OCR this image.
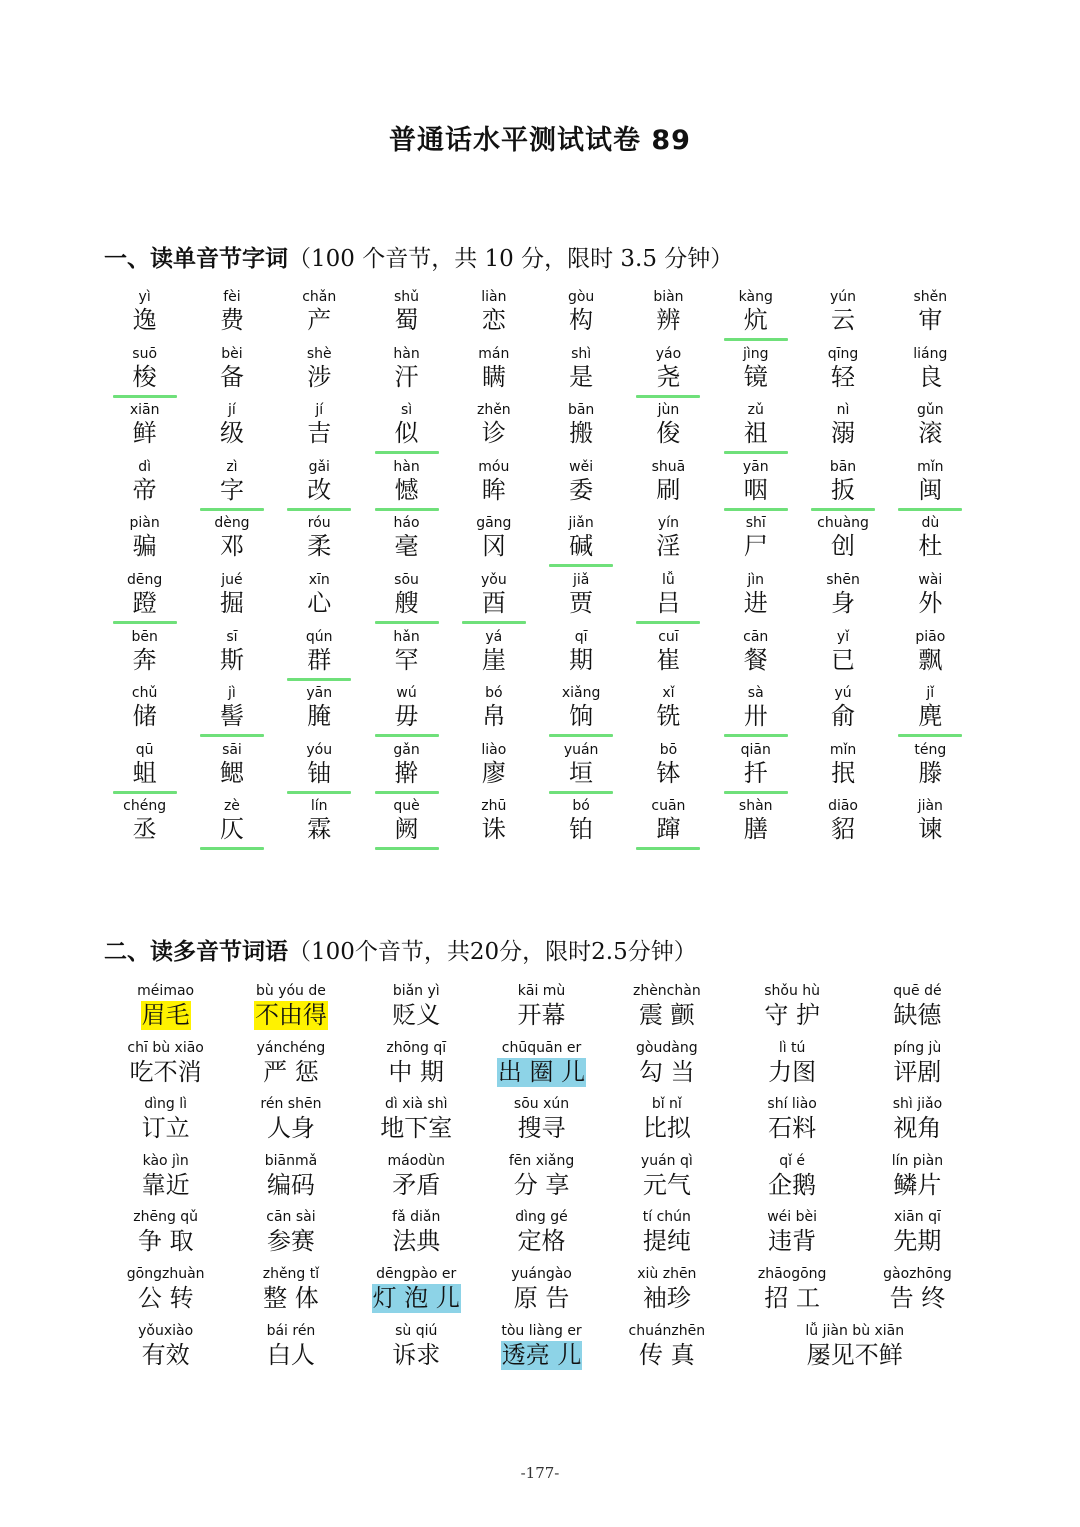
普通话水平测试试卷 89
一、读单音节字词（100 个音节，共 10 分，限时 3.5 分钟）
yì
逸
fèi
费
chǎn
产
shǔ
蜀
liàn
恋
gòu
构
biàn
辨
kàng
炕
yún
云
shěn
审
suō
梭
bèi
备
shè
涉
hàn
汗
mán
瞒
shì
是
yáo
尧
jìng
镜
qīng
轻
liáng
良
xiān
鲜
jí
级
jí
吉
sì
似
zhěn
诊
bān
搬
jùn
俊
zǔ
祖
nì
溺
gǔn
滚
dì
帝
zì
字
gǎi
改
hàn
憾
móu
眸
wěi
委
shuā
刷
yān
咽
bān
扳
mǐn
闽
piàn
骗
dèng
邓
róu
柔
háo
毫
gāng
冈
jiǎn
碱
yín
淫
shī
尸
chuàng
创
dù
杜
dēng
蹬
jué
掘
xīn
心
sōu
艘
yǒu
酉
jiǎ
贾
lǚ
吕
jìn
进
shēn
身
wài
外
bēn
奔
sī
斯
qún
群
hǎn
罕
yá
崖
qī
期
cuī
崔
cān
餐
yǐ
已
piāo
飘
chǔ
储
jì
髻
yān
腌
wú
毋
bó
帛
xiǎng
饷
xǐ
铣
sà
卅
yú
俞
jǐ
麂
qū
蛆
sāi
鳃
yóu
铀
gǎn
擀
liào
廖
yuán
垣
bō
钵
qiān
扦
mǐn
抿
téng
滕
chéng
丞
zè
仄
lín
霖
què
阙
zhū
诛
bó
铂
cuān
蹿
shàn
膳
diāo
貂
jiàn
谏
二、读多音节词语（100个音节，共20分，限时2.5分钟）
méimao
眉毛
bù yóu de
不由得
biǎn yì
贬义
kāi mù
开幕
zhènchàn
震 颤
shǒu hù
守 护
quē dé
缺德
chī bù xiāo
吃不消
yánchéng
严 惩
zhōng qī
中 期
chūquān er
出 圈 儿
gòudàng
勾 当
lì tú
力图
píng jù
评剧
dìng lì
订立
rén shēn
人身
dì xià shì
地下室
sōu xún
搜寻
bǐ nǐ
比拟
shí liào
石料
shì jiǎo
视角
kào jìn
靠近
biānmǎ
编码
máodùn
矛盾
fēn xiǎng
分 享
yuán qì
元气
qǐ é
企鹅
lín piàn
鳞片
zhēng qǔ
争 取
cān sài
参赛
fǎ diǎn
法典
dìng gé
定格
tí chún
提纯
wéi bèi
违背
xiān qī
先期
gōngzhuàn
公 转
zhěng tǐ
整 体
dēngpào er
灯 泡 儿
yuángào
原 告
xiù zhēn
袖珍
zhāogōng
招 工
gàozhōng
告 终
yǒuxiào
有效
bái rén
白人
sù qiú
诉求
tòu liàng er
透亮 儿
chuánzhēn
传 真
lǚ jiàn bù xiān
屡见不鲜
-177-
